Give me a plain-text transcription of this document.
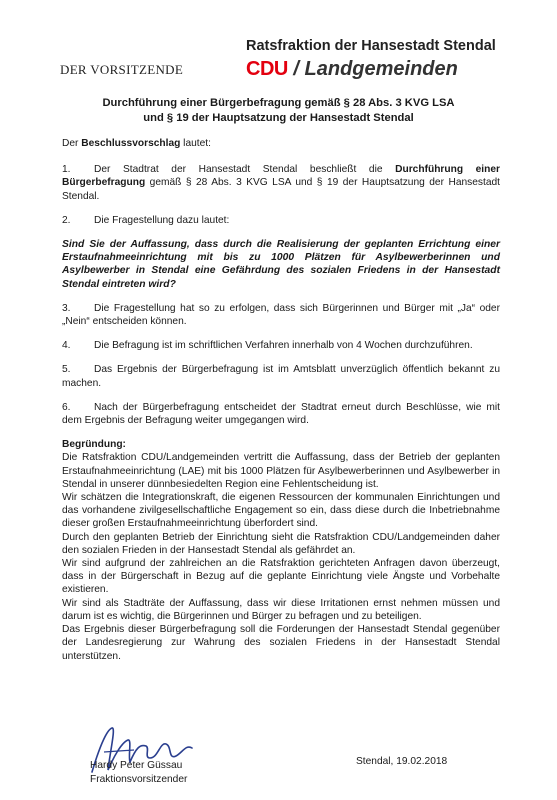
DER VORSITZENDE
Ratsfraktion der Hansestadt Stendal
CDU / Landgemeinden
Durchführung einer Bürgerbefragung gemäß § 28 Abs. 3 KVG LSA
und § 19 der Hauptsatzung der Hansestadt Stendal

Der Beschlussvorschlag lautet:

1. Der Stadtrat der Hansestadt Stendal beschließt die Durchführung einer Bürgerbefragung gemäß § 28 Abs. 3 KVG LSA und § 19 der Hauptsatzung der Hansestadt Stendal.

2. Die Fragestellung dazu lautet:

Sind Sie der Auffassung, dass durch die Realisierung der geplanten Errichtung einer Erstaufnahmeeinrichtung mit bis zu 1000 Plätzen für Asylbewerberinnen und Asylbewerber in Stendal eine Gefährdung des sozialen Friedens in der Hansestadt Stendal eintreten wird?

3. Die Fragestellung hat so zu erfolgen, dass sich Bürgerinnen und Bürger mit „Ja“ oder „Nein“ entscheiden können.

4. Die Befragung ist im schriftlichen Verfahren innerhalb von 4 Wochen durchzuführen.

5. Das Ergebnis der Bürgerbefragung ist im Amtsblatt unverzüglich öffentlich bekannt zu machen.

6. Nach der Bürgerbefragung entscheidet der Stadtrat erneut durch Beschlüsse, wie mit dem Ergebnis der Befragung weiter umgegangen wird.

Begründung:

Die Ratsfraktion CDU/Landgemeinden vertritt die Auffassung, dass der Betrieb der geplanten Erstaufnahmeeinrichtung (LAE) mit bis 1000 Plätzen für Asylbewerberinnen und Asylbewerber in Stendal in unserer dünnbesiedelten Region eine Fehlentscheidung ist.

Wir schätzen die Integrationskraft, die eigenen Ressourcen der kommunalen Einrichtungen und das vorhandene zivilgesellschaftliche Engagement so ein, dass diese durch die Inbetriebnahme dieser großen Erstaufnahmeeinrichtung überfordert sind.

Durch den geplanten Betrieb der Einrichtung sieht die Ratsfraktion CDU/Landgemeinden daher den sozialen Frieden in der Hansestadt Stendal als gefährdet an.

Wir sind aufgrund der zahlreichen an die Ratsfraktion gerichteten Anfragen davon überzeugt, dass in der Bürgerschaft in Bezug auf die geplante Einrichtung viele Ängste und Vorbehalte existieren.

Wir sind als Stadträte der Auffassung, dass wir diese Irritationen ernst nehmen müssen und darum ist es wichtig, die Bürgerinnen und Bürger zu befragen und zu beteiligen.

Das Ergebnis dieser Bürgerbefragung soll die Forderungen der Hansestadt Stendal gegenüber der Landesregierung zur Wahrung des sozialen Friedens in der Hansestadt Stendal unterstützen.

Hardy Peter Güssau
Fraktionsvorsitzender
Stendal, 19.02.2018
